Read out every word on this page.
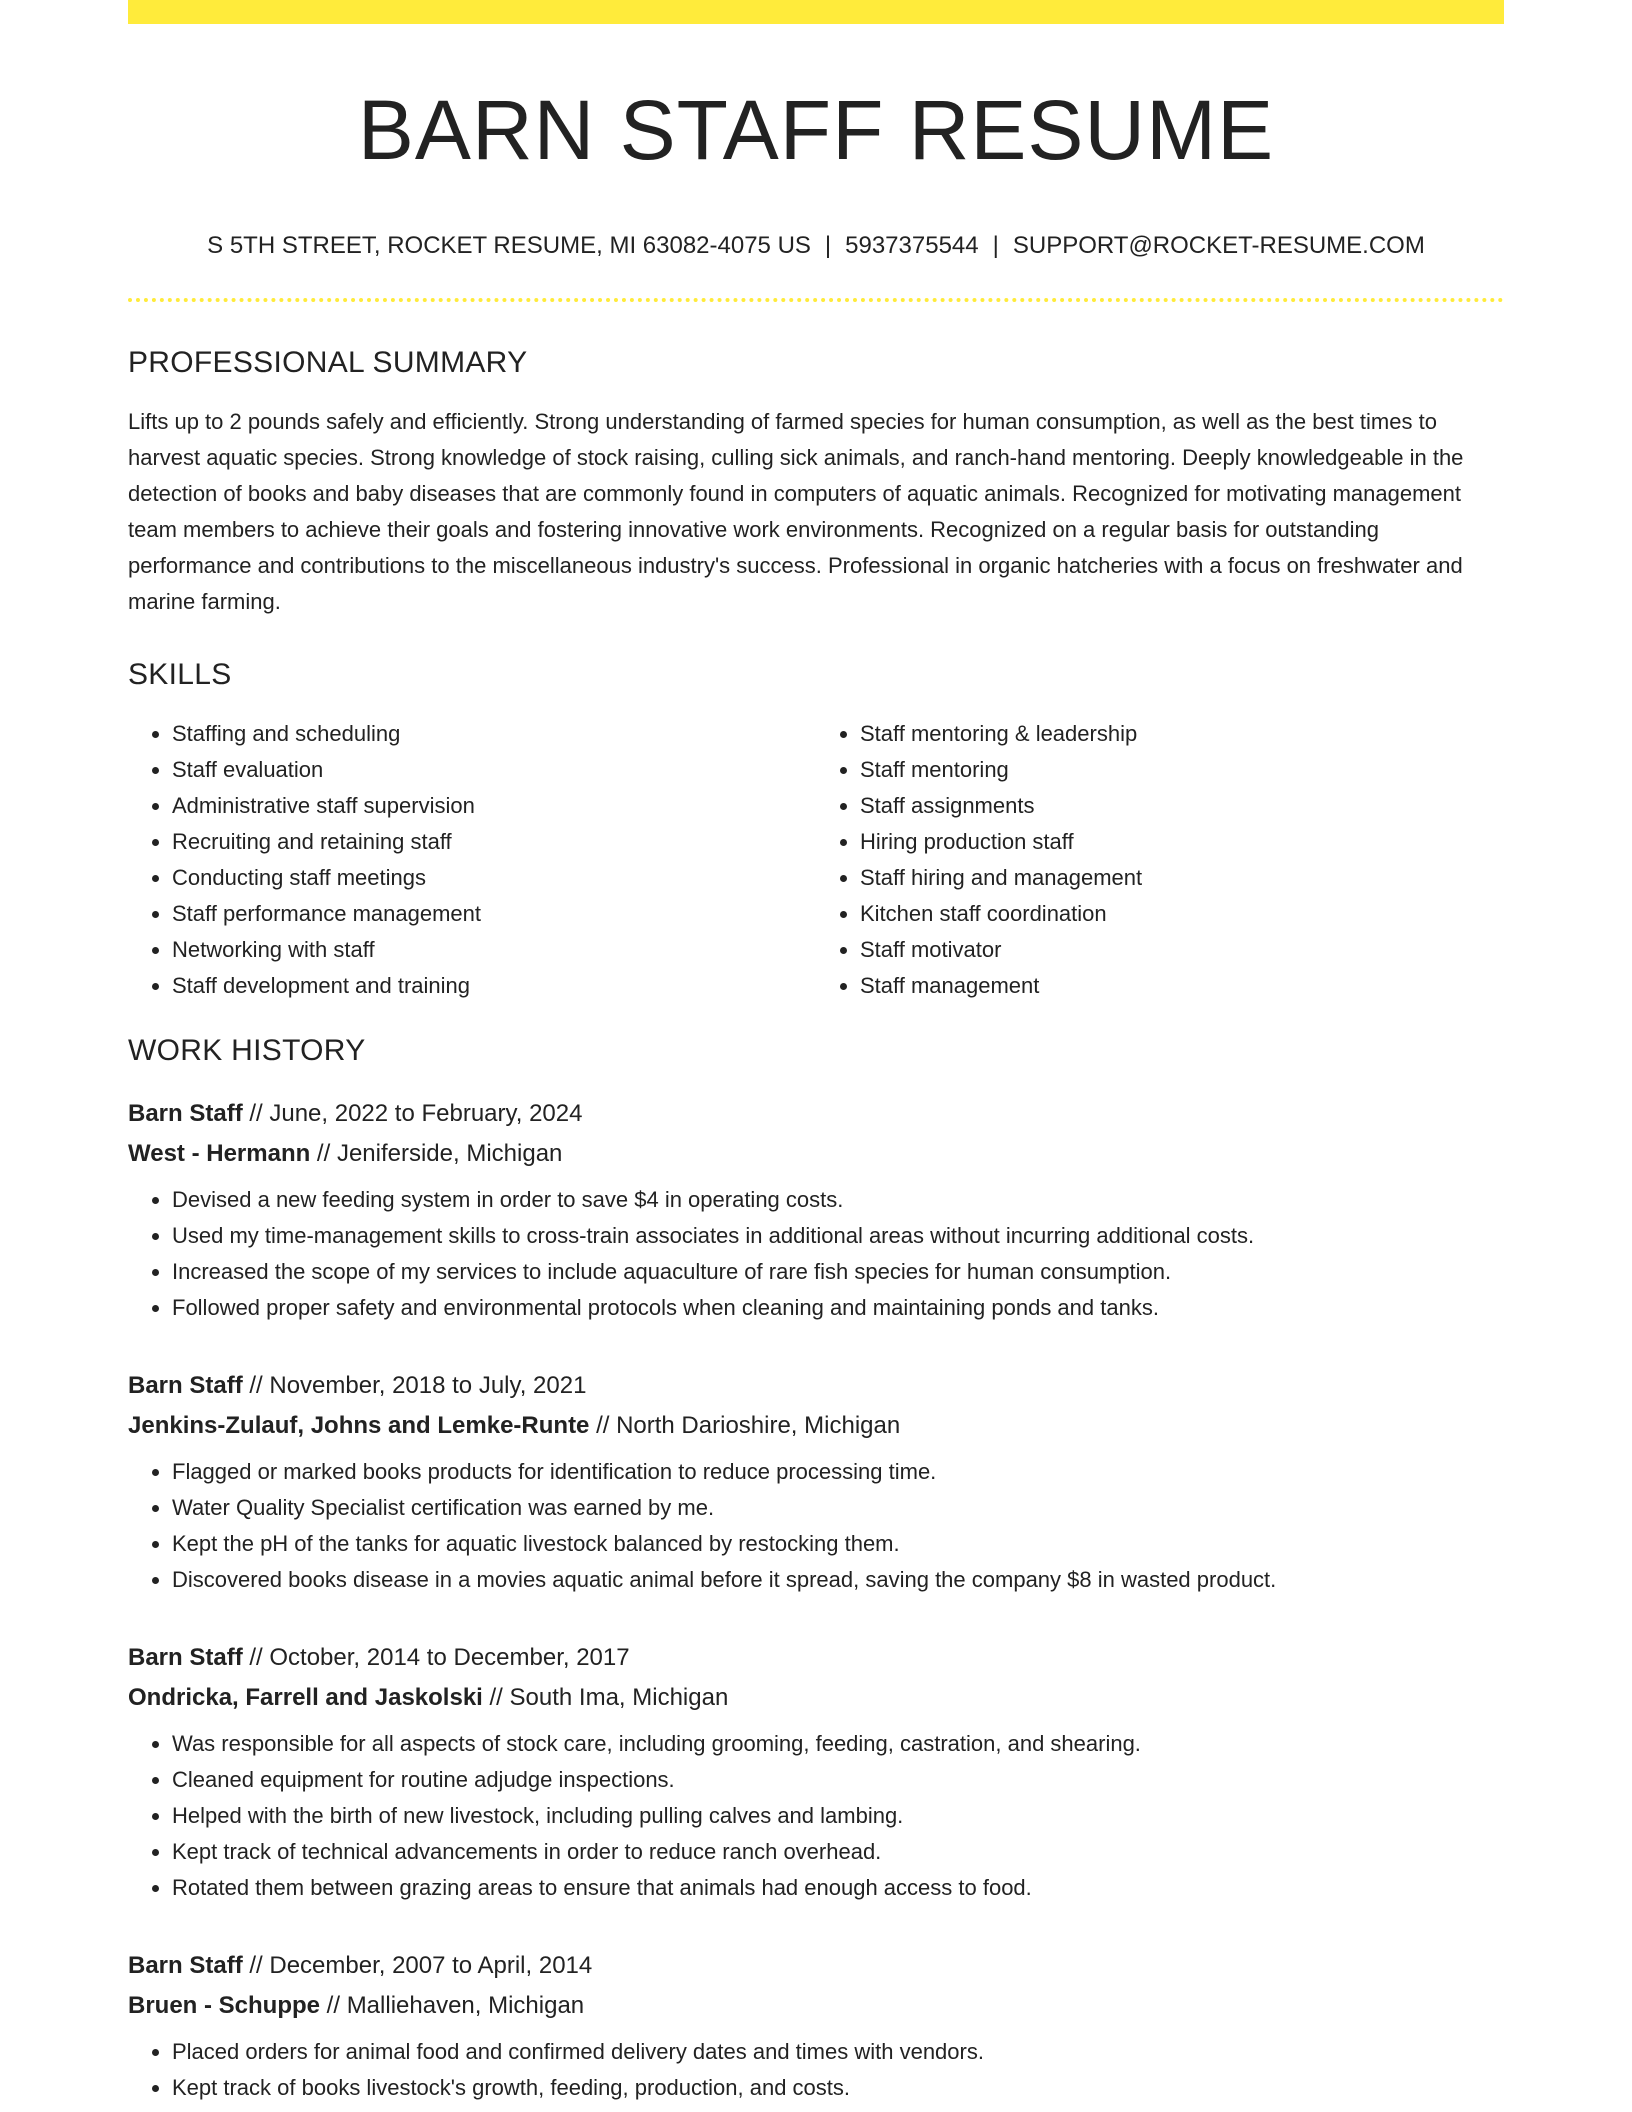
BARN STAFF RESUME
S 5TH STREET, ROCKET RESUME, MI 63082-4075 US | 5937375544 | SUPPORT@ROCKET-RESUME.COM
PROFESSIONAL SUMMARY
Lifts up to 2 pounds safely and efficiently. Strong understanding of farmed species for human consumption, as well as the best times to harvest aquatic species. Strong knowledge of stock raising, culling sick animals, and ranch-hand mentoring. Deeply knowledgeable in the detection of books and baby diseases that are commonly found in computers of aquatic animals. Recognized for motivating management team members to achieve their goals and fostering innovative work environments. Recognized on a regular basis for outstanding performance and contributions to the miscellaneous industry's success. Professional in organic hatcheries with a focus on freshwater and marine farming.
SKILLS
• Staffing and scheduling
• Staff evaluation
• Administrative staff supervision
• Recruiting and retaining staff
• Conducting staff meetings
• Staff performance management
• Networking with staff
• Staff development and training
• Staff mentoring & leadership
• Staff mentoring
• Staff assignments
• Hiring production staff
• Staff hiring and management
• Kitchen staff coordination
• Staff motivator
• Staff management
WORK HISTORY
Barn Staff // June, 2022 to February, 2024
West - Hermann // Jeniferside, Michigan
• Devised a new feeding system in order to save $4 in operating costs.
• Used my time-management skills to cross-train associates in additional areas without incurring additional costs.
• Increased the scope of my services to include aquaculture of rare fish species for human consumption.
• Followed proper safety and environmental protocols when cleaning and maintaining ponds and tanks.
Barn Staff // November, 2018 to July, 2021
Jenkins-Zulauf, Johns and Lemke-Runte // North Darioshire, Michigan
• Flagged or marked books products for identification to reduce processing time.
• Water Quality Specialist certification was earned by me.
• Kept the pH of the tanks for aquatic livestock balanced by restocking them.
• Discovered books disease in a movies aquatic animal before it spread, saving the company $8 in wasted product.
Barn Staff // October, 2014 to December, 2017
Ondricka, Farrell and Jaskolski // South Ima, Michigan
• Was responsible for all aspects of stock care, including grooming, feeding, castration, and shearing.
• Cleaned equipment for routine adjudge inspections.
• Helped with the birth of new livestock, including pulling calves and lambing.
• Kept track of technical advancements in order to reduce ranch overhead.
• Rotated them between grazing areas to ensure that animals had enough access to food.
Barn Staff // December, 2007 to April, 2014
Bruen - Schuppe // Malliehaven, Michigan
• Placed orders for animal food and confirmed delivery dates and times with vendors.
• Kept track of books livestock's growth, feeding, production, and costs.
